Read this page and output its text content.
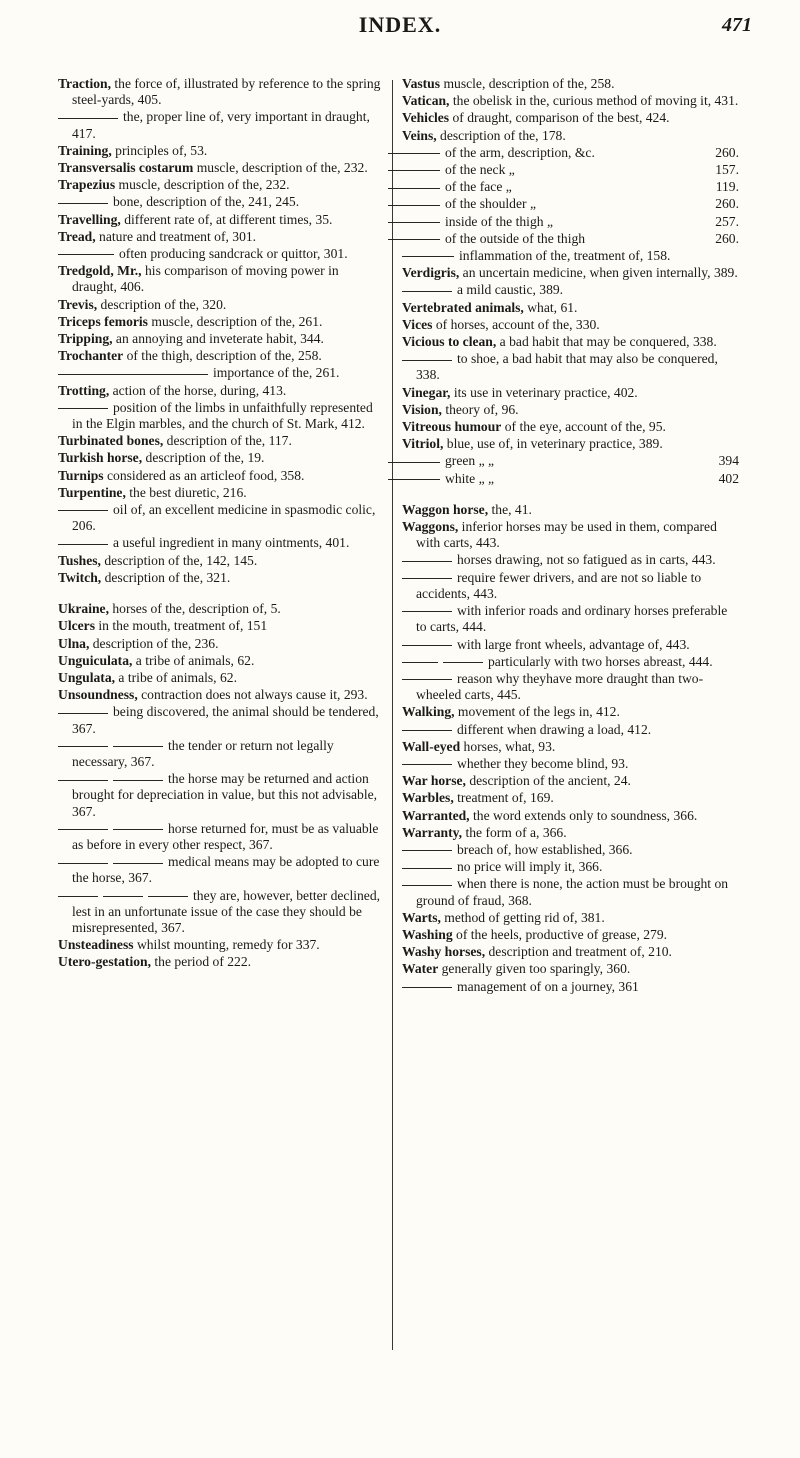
INDEX.	471
Traction, the force of, illustrated by reference to the spring steel-yards, 405.
the, proper line of, very important in draught, 417.
Training, principles of, 53.
Transversalis costarum muscle, description of the, 232.
Trapezius muscle, description of the, 232.
bone, description of the, 241, 245.
Travelling, different rate of, at different times, 35.
Tread, nature and treatment of, 301.
often producing sandcrack or quittor, 301.
Tredgold, Mr., his comparison of moving power in draught, 406.
Trevis, description of the, 320.
Triceps femoris muscle, description of the, 261.
Tripping, an annoying and inveterate habit, 344.
Trochanter of the thigh, description of the, 258.
importance of the, 261.
Trotting, action of the horse, during, 413.
position of the limbs in unfaithfully represented in the Elgin marbles, and the church of St. Mark, 412.
Turbinated bones, description of the, 117.
Turkish horse, description of the, 19.
Turnips considered as an articleof food, 358.
Turpentine, the best diuretic, 216.
oil of, an excellent medicine in spasmodic colic, 206.
a useful ingredient in many ointments, 401.
Tushes, description of the, 142, 145.
Twitch, description of the, 321.
Ukraine, horses of the, description of, 5.
Ulcers in the mouth, treatment of, 151
Ulna, description of the, 236.
Unguiculata, a tribe of animals, 62.
Ungulata, a tribe of animals, 62.
Unsoundness, contraction does not always cause it, 293.
being discovered, the animal should be tendered, 367.
the tender or return not legally necessary, 367.
the horse may be returned and action brought for depreciation in value, but this not advisable, 367.
horse returned for, must be as valuable as before in every other respect, 367.
medical means may be adopted to cure the horse, 367.
they are, however, better declined, lest in an unfortunate issue of the case they should be misrepresented, 367.
Unsteadiness whilst mounting, remedy for 337.
Utero-gestation, the period of 222.
Vastus muscle, description of the, 258.
Vatican, the obelisk in the, curious method of moving it, 431.
Vehicles of draught, comparison of the best, 424.
Veins, description of the, 178.
of the arm, description, &c.	260.
of the neck „	157.
of the face „	119.
of the shoulder „	260.
inside of the thigh „	257.
of the outside of the thigh	260.
inflammation of the, treatment of, 158.
Verdigris, an uncertain medicine, when given internally, 389.
a mild caustic, 389.
Vertebrated animals, what, 61.
Vices of horses, account of the, 330.
Vicious to clean, a bad habit that may be conquered, 338.
to shoe, a bad habit that may also be conquered, 338.
Vinegar, its use in veterinary practice, 402.
Vision, theory of, 96.
Vitreous humour of the eye, account of the, 95.
Vitriol, blue, use of, in veterinary practice, 389.
green „ „	394
white „ „	402
Waggon horse, the, 41.
Waggons, inferior horses may be used in them, compared with carts, 443.
horses drawing, not so fatigued as in carts, 443.
require fewer drivers, and are not so liable to accidents, 443.
with inferior roads and ordinary horses preferable to carts, 444.
with large front wheels, advantage of, 443.
particularly with two horses abreast, 444.
reason why theyhave more draught than two-wheeled carts, 445.
Walking, movement of the legs in, 412.
different when drawing a load, 412.
Wall-eyed horses, what, 93.
whether they become blind, 93.
War horse, description of the ancient, 24.
Warbles, treatment of, 169.
Warranted, the word extends only to soundness, 366.
Warranty, the form of a, 366.
breach of, how established, 366.
no price will imply it, 366.
when there is none, the action must be brought on ground of fraud, 368.
Warts, method of getting rid of, 381.
Washing of the heels, productive of grease, 279.
Washy horses, description and treatment of, 210.
Water generally given too sparingly, 360.
management of on a journey, 361
